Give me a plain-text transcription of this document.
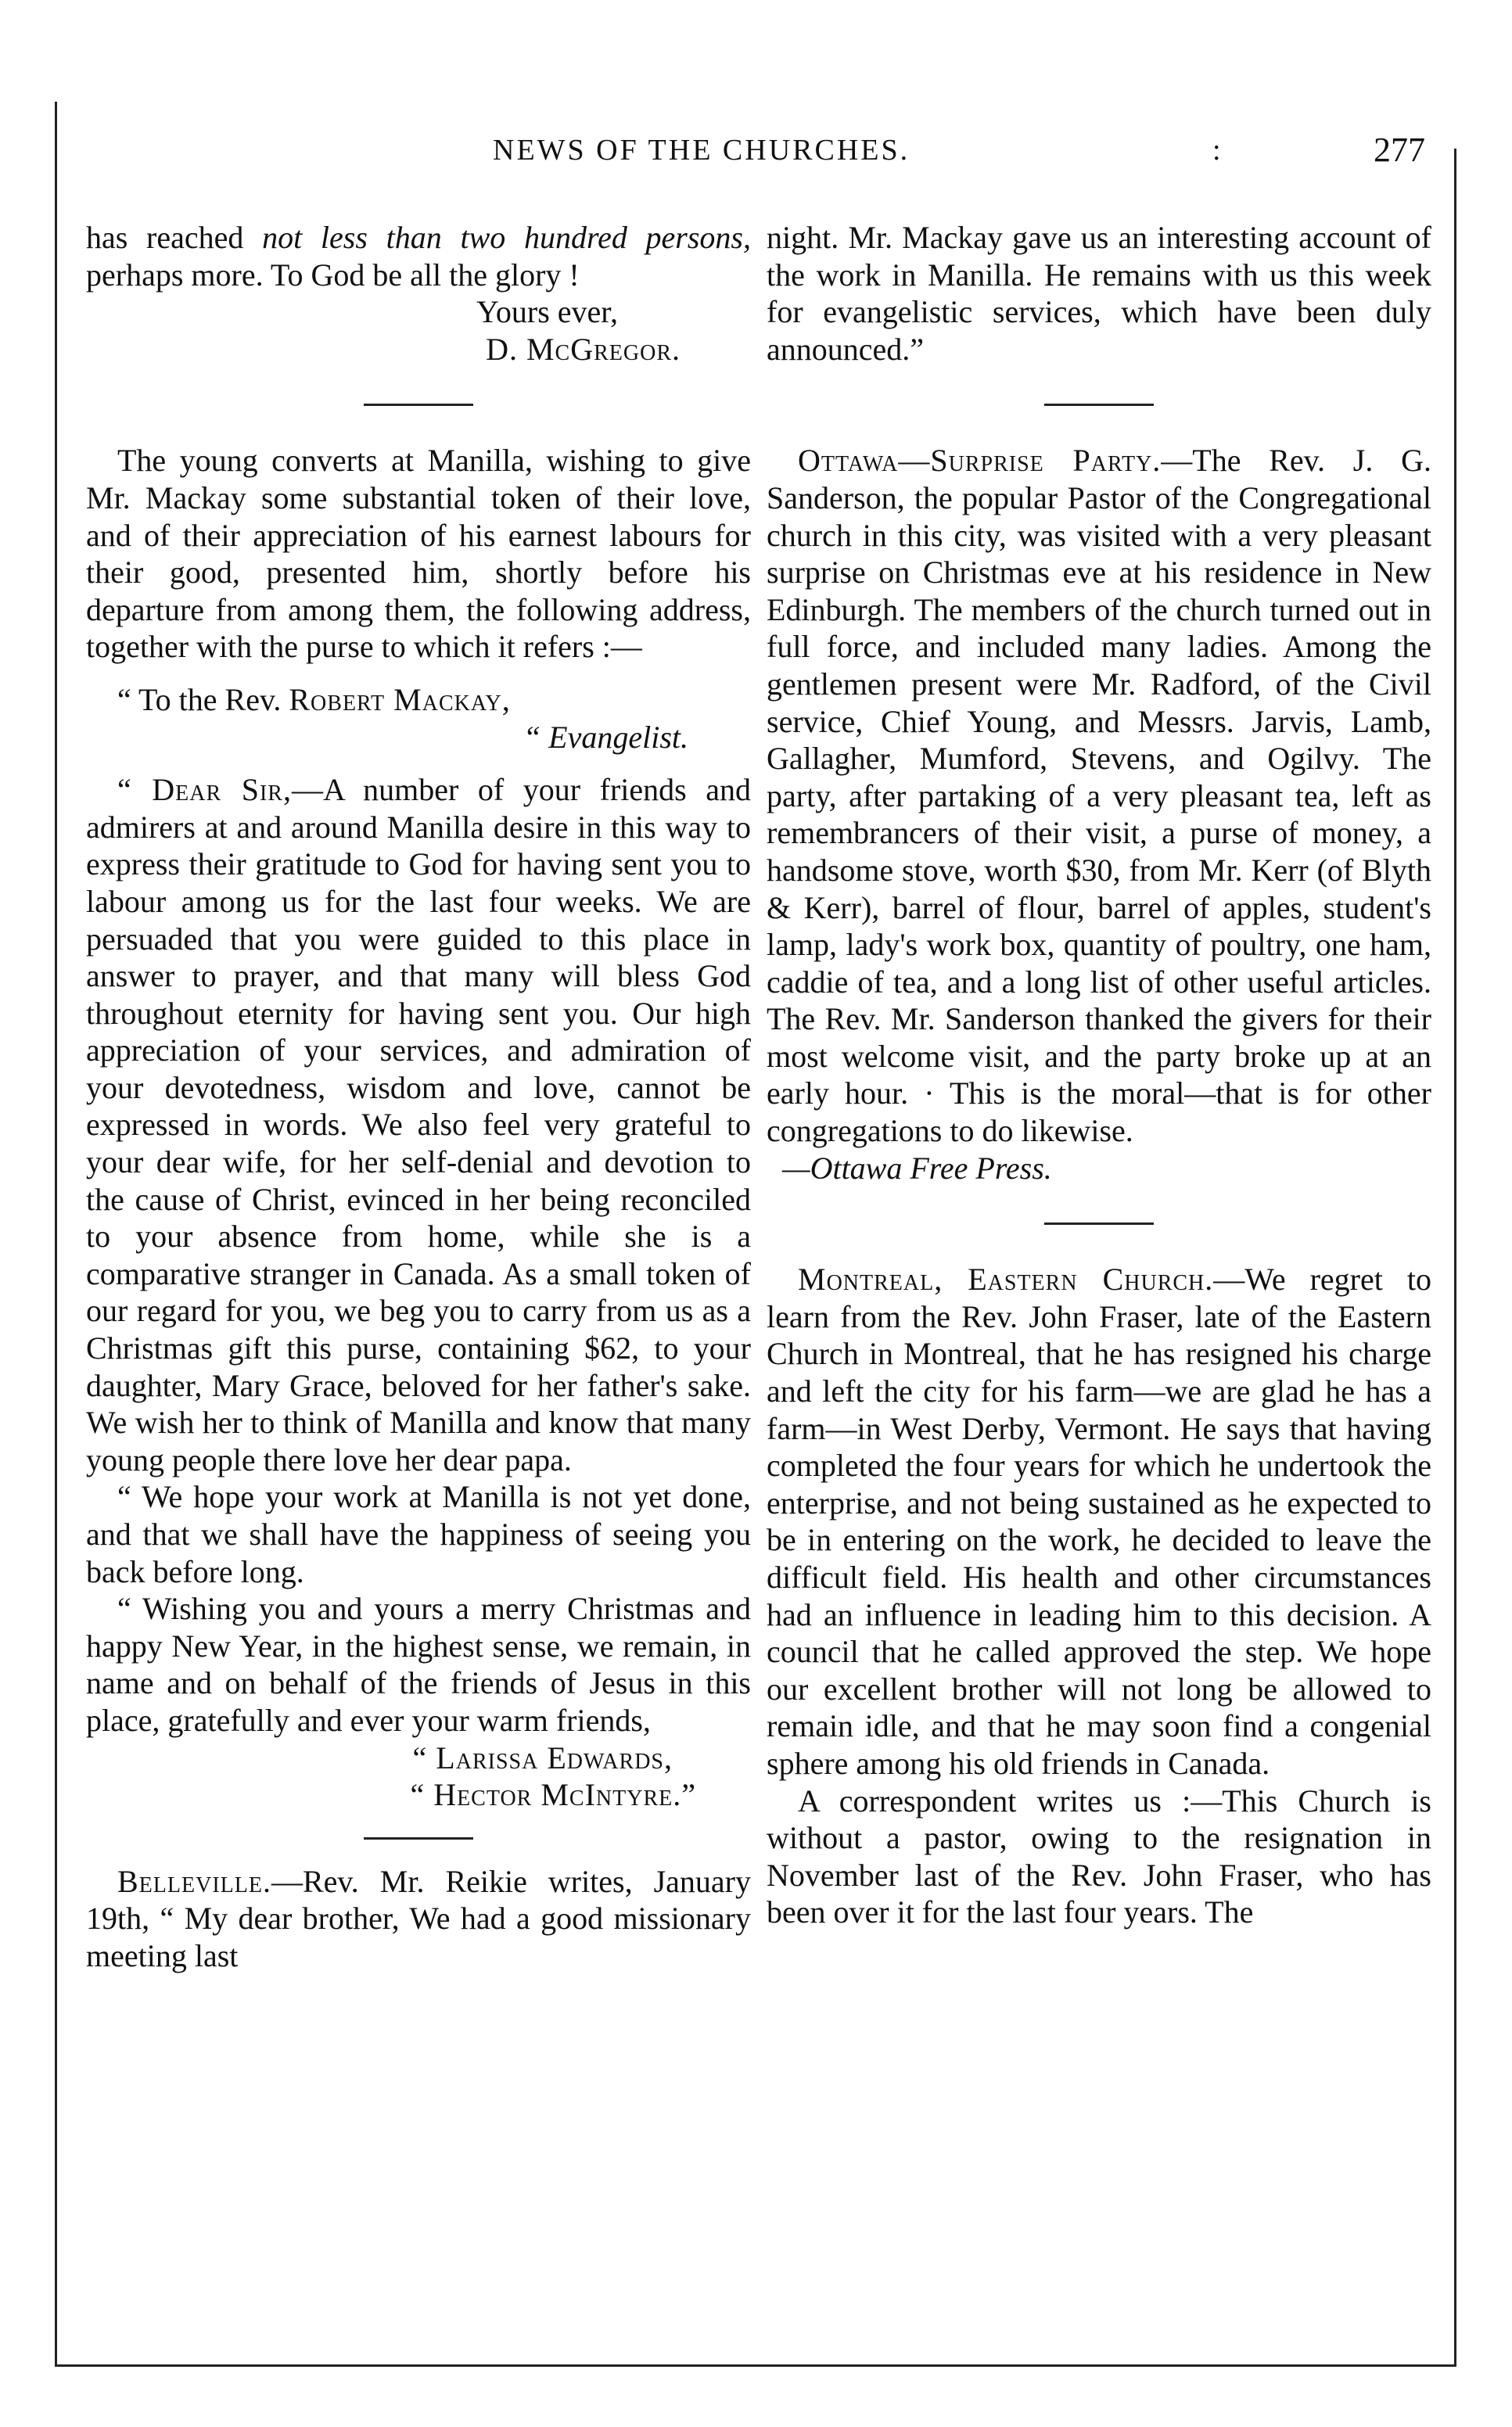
NEWS OF THE CHURCHES.	:	277

has reached not less than two hundred persons, perhaps more. To God be all the glory !

Yours ever,

D. McGregor.

The young converts at Manilla, wishing to give Mr. Mackay some substantial token of their love, and of their appreciation of his earnest labours for their good, presented him, shortly before his departure from among them, the following address, together with the purse to which it refers :—

“ To the Rev. Robert Mackay,

“ Evangelist.

“ Dear Sir,—A number of your friends and admirers at and around Manilla desire in this way to express their gratitude to God for having sent you to labour among us for the last four weeks. We are persuaded that you were guided to this place in answer to prayer, and that many will bless God throughout eternity for having sent you. Our high appreciation of your services, and admiration of your devotedness, wisdom and love, cannot be expressed in words. We also feel very grateful to your dear wife, for her self-denial and devotion to the cause of Christ, evinced in her being reconciled to your absence from home, while she is a comparative stranger in Canada. As a small token of our regard for you, we beg you to carry from us as a Christmas gift this purse, containing $62, to your daughter, Mary Grace, beloved for her father's sake. We wish her to think of Manilla and know that many young people there love her dear papa.

“ We hope your work at Manilla is not yet done, and that we shall have the happiness of seeing you back before long.

“ Wishing you and yours a merry Christmas and happy New Year, in the highest sense, we remain, in name and on behalf of the friends of Jesus in this place, gratefully and ever your warm friends,

“ Larissa Edwards,

“ Hector McIntyre.”

Belleville.—Rev. Mr. Reikie writes, January 19th, “ My dear brother, We had a good missionary meeting last

night. Mr. Mackay gave us an interesting account of the work in Manilla. He remains with us this week for evangelistic services, which have been duly announced.”

Ottawa—Surprise Party.—The Rev. J. G. Sanderson, the popular Pastor of the Congregational church in this city, was visited with a very pleasant surprise on Christmas eve at his residence in New Edinburgh. The members of the church turned out in full force, and included many ladies. Among the gentlemen present were Mr. Radford, of the Civil service, Chief Young, and Messrs. Jarvis, Lamb, Gallagher, Mumford, Stevens, and Ogilvy. The party, after partaking of a very pleasant tea, left as remembrancers of their visit, a purse of money, a handsome stove, worth $30, from Mr. Kerr (of Blyth & Kerr), barrel of flour, barrel of apples, student's lamp, lady's work box, quantity of poultry, one ham, caddie of tea, and a long list of other useful articles. The Rev. Mr. Sanderson thanked the givers for their most welcome visit, and the party broke up at an early hour. · This is the moral—that is for other congregations to do likewise.

—Ottawa Free Press.

Montreal, Eastern Church.—We regret to learn from the Rev. John Fraser, late of the Eastern Church in Montreal, that he has resigned his charge and left the city for his farm—we are glad he has a farm—in West Derby, Vermont. He says that having completed the four years for which he undertook the enterprise, and not being sustained as he expected to be in entering on the work, he decided to leave the difficult field. His health and other circumstances had an influence in leading him to this decision. A council that he called approved the step. We hope our excellent brother will not long be allowed to remain idle, and that he may soon find a congenial sphere among his old friends in Canada.

A correspondent writes us :—This Church is without a pastor, owing to the resignation in November last of the Rev. John Fraser, who has been over it for the last four years. The
